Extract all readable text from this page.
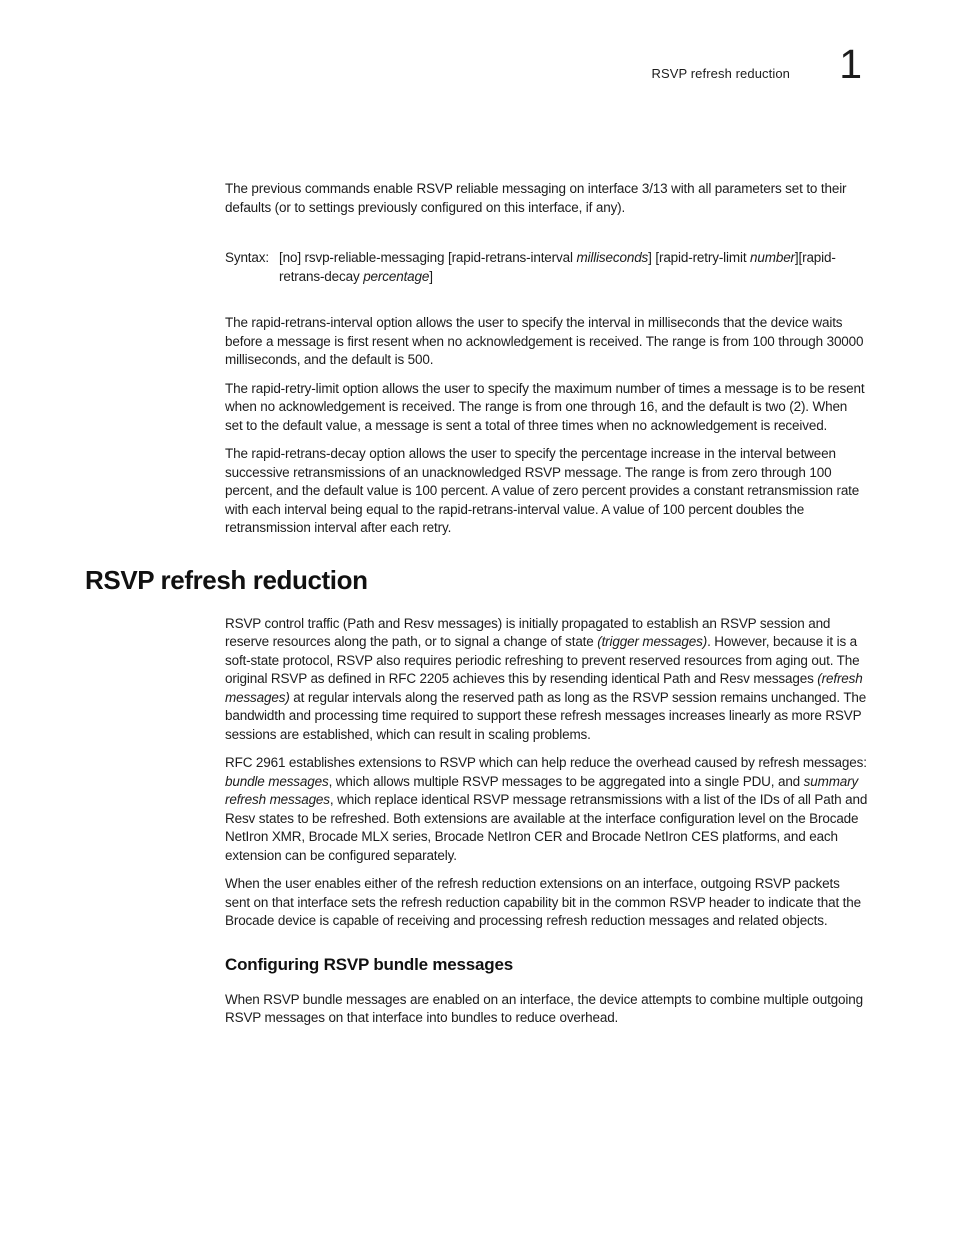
RSVP refresh reduction 1

The previous commands enable RSVP reliable messaging on interface 3/13 with all parameters set to their defaults (or to settings previously configured on this interface, if any).

Syntax: [no] rsvp-reliable-messaging [rapid-retrans-interval milliseconds] [rapid-retry-limit number][rapid-retrans-decay percentage]

The rapid-retrans-interval option allows the user to specify the interval in milliseconds that the device waits before a message is first resent when no acknowledgement is received. The range is from 100 through 30000 milliseconds, and the default is 500.

The rapid-retry-limit option allows the user to specify the maximum number of times a message is to be resent when no acknowledgement is received. The range is from one through 16, and the default is two (2). When set to the default value, a message is sent a total of three times when no acknowledgement is received.

The rapid-retrans-decay option allows the user to specify the percentage increase in the interval between successive retransmissions of an unacknowledged RSVP message. The range is from zero through 100 percent, and the default value is 100 percent. A value of zero percent provides a constant retransmission rate with each interval being equal to the rapid-retrans-interval value. A value of 100 percent doubles the retransmission interval after each retry.

RSVP refresh reduction

RSVP control traffic (Path and Resv messages) is initially propagated to establish an RSVP session and reserve resources along the path, or to signal a change of state (trigger messages). However, because it is a soft-state protocol, RSVP also requires periodic refreshing to prevent reserved resources from aging out. The original RSVP as defined in RFC 2205 achieves this by resending identical Path and Resv messages (refresh messages) at regular intervals along the reserved path as long as the RSVP session remains unchanged. The bandwidth and processing time required to support these refresh messages increases linearly as more RSVP sessions are established, which can result in scaling problems.

RFC 2961 establishes extensions to RSVP which can help reduce the overhead caused by refresh messages: bundle messages, which allows multiple RSVP messages to be aggregated into a single PDU, and summary refresh messages, which replace identical RSVP message retransmissions with a list of the IDs of all Path and Resv states to be refreshed. Both extensions are available at the interface configuration level on the Brocade NetIron XMR, Brocade MLX series, Brocade NetIron CER and Brocade NetIron CES platforms, and each extension can be configured separately.

When the user enables either of the refresh reduction extensions on an interface, outgoing RSVP packets sent on that interface sets the refresh reduction capability bit in the common RSVP header to indicate that the Brocade device is capable of receiving and processing refresh reduction messages and related objects.

Configuring RSVP bundle messages

When RSVP bundle messages are enabled on an interface, the device attempts to combine multiple outgoing RSVP messages on that interface into bundles to reduce overhead.
